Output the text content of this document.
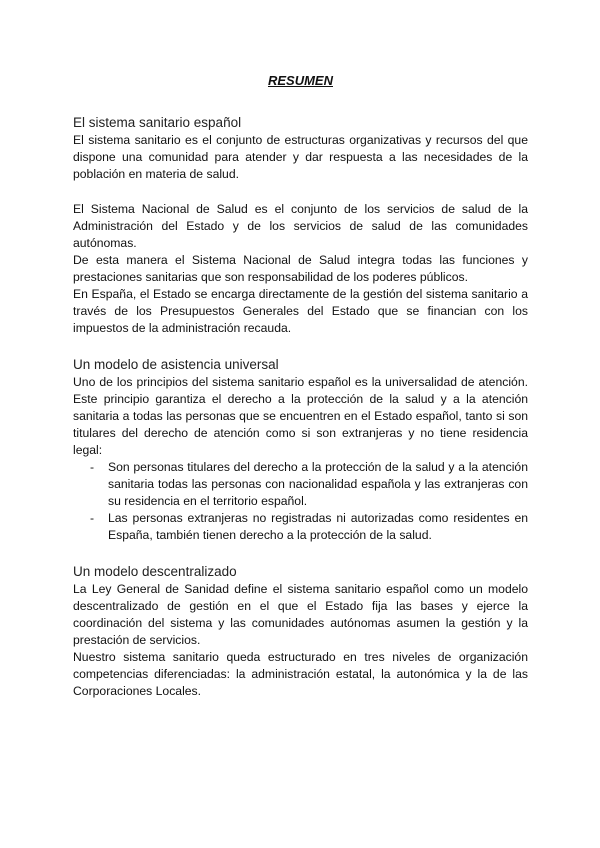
RESUMEN
El sistema sanitario español

El sistema sanitario es el conjunto de estructuras organizativas y recursos del que dispone una comunidad para atender y dar respuesta a las necesidades de la población en materia de salud.

El Sistema Nacional de Salud es el conjunto de los servicios de salud de la Administración del Estado y de los servicios de salud de las comunidades autónomas.

De esta manera el Sistema Nacional de Salud integra todas las funciones y prestaciones sanitarias que son responsabilidad de los poderes públicos.

En España, el Estado se encarga directamente de la gestión del sistema sanitario a través de los Presupuestos Generales del Estado que se financian con los impuestos de la administración recauda.

Un modelo de asistencia universal

Uno de los principios del sistema sanitario español es la universalidad de atención. Este principio garantiza el derecho a la protección de la salud y a la atención sanitaria a todas las personas que se encuentren en el Estado español, tanto si son titulares del derecho de atención como si son extranjeras y no tiene residencia legal:

- Son personas titulares del derecho a la protección de la salud y a la atención sanitaria todas las personas con nacionalidad española y las extranjeras con su residencia en el territorio español.
- Las personas extranjeras no registradas ni autorizadas como residentes en España, también tienen derecho a la protección de la salud.
Un modelo descentralizado

La Ley General de Sanidad define el sistema sanitario español como un modelo descentralizado de gestión en el que el Estado fija las bases y ejerce la coordinación del sistema y las comunidades autónomas asumen la gestión y la prestación de servicios.

Nuestro sistema sanitario queda estructurado en tres niveles de organización competencias diferenciadas: la administración estatal, la autonómica y la de las Corporaciones Locales.
